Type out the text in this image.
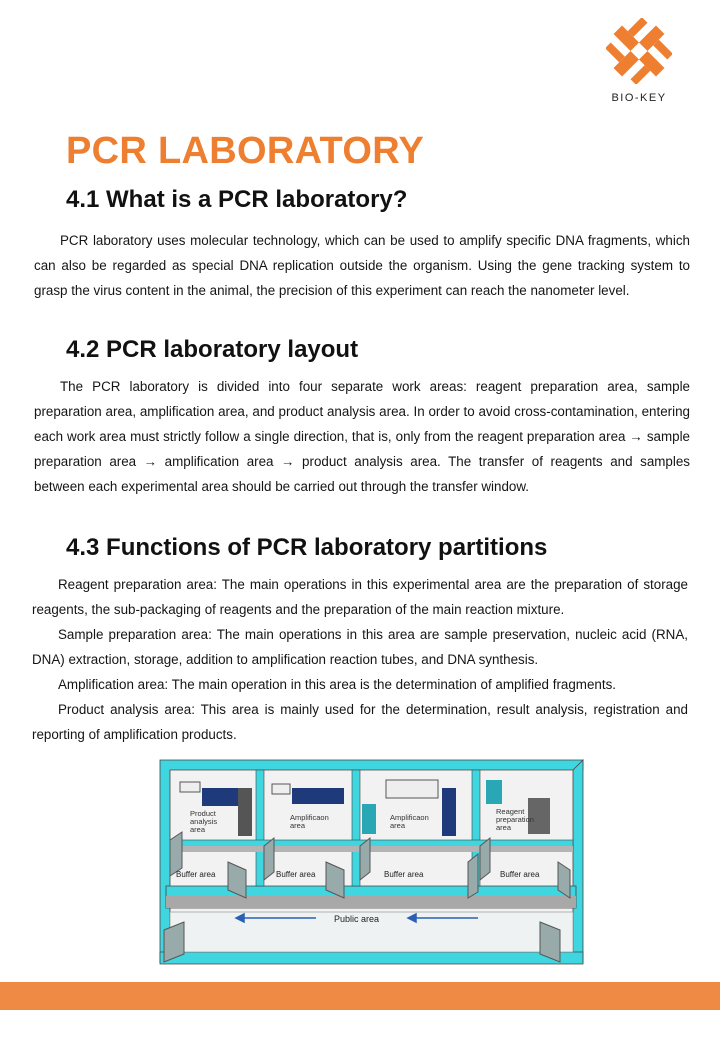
BIO-KEY
PCR LABORATORY
4.1 What is a PCR laboratory?

PCR laboratory uses molecular technology, which can be used to amplify specific DNA fragments, which can also be regarded as special DNA replication outside the organism. Using the gene tracking system to grasp the virus content in the animal, the precision of this experiment can reach the nanometer level.

4.2 PCR laboratory layout

The PCR laboratory is divided into four separate work areas: reagent preparation area, sample preparation area, amplification area, and product analysis area. In order to avoid cross-contamination, entering each work area must strictly follow a single direction, that is, only from the reagent preparation area → sample preparation area → amplification area → product analysis area. The transfer of reagents and samples between each experimental area should be carried out through the transfer window.

4.3 Functions of PCR laboratory partitions

Reagent preparation area: The main operations in this experimental area are the preparation of storage reagents, the sub-packaging of reagents and the preparation of the main reaction mixture.

Sample preparation area: The main operations in this area are sample preservation, nucleic acid (RNA, DNA) extraction, storage, addition to amplification reaction tubes, and DNA synthesis.

Amplification area: The main operation in this area is the determination of amplified fragments.

Product analysis area: This area is mainly used for the determination, result analysis, registration and reporting of amplification products.

Product
analysis
area
Amplificaon
area
Amplificaon
area
Reagent
preparation
area
Buffer area	Buffer area	Buffer area	Buffer area
Public area
